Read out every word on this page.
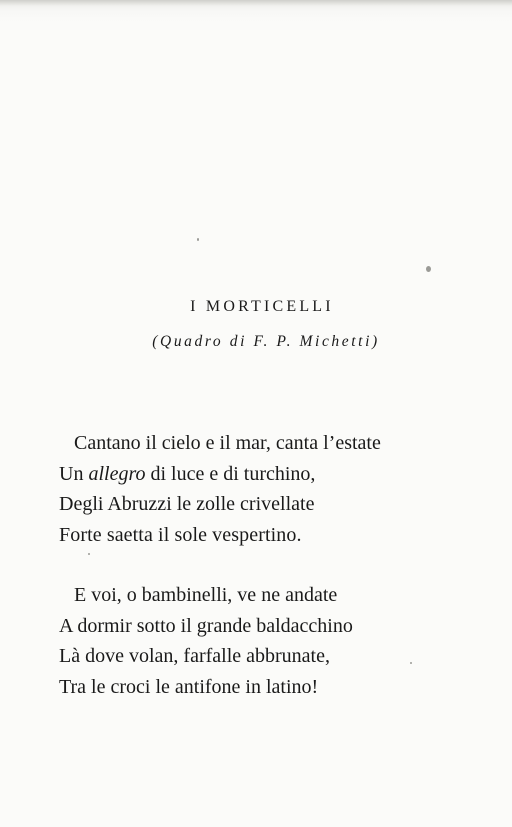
I MORTICELLI

(Quadro di F. P. Michetti)

Cantano il cielo e il mar, canta l’estate
Un allegro di luce e di turchino,
Degli Abruzzi le zolle crivellate
Forte saetta il sole vespertino.
E voi, o bambinelli, ve ne andate
A dormir sotto il grande baldacchino
Là dove volan, farfalle abbrunate,
Tra le croci le antifone in latino!
